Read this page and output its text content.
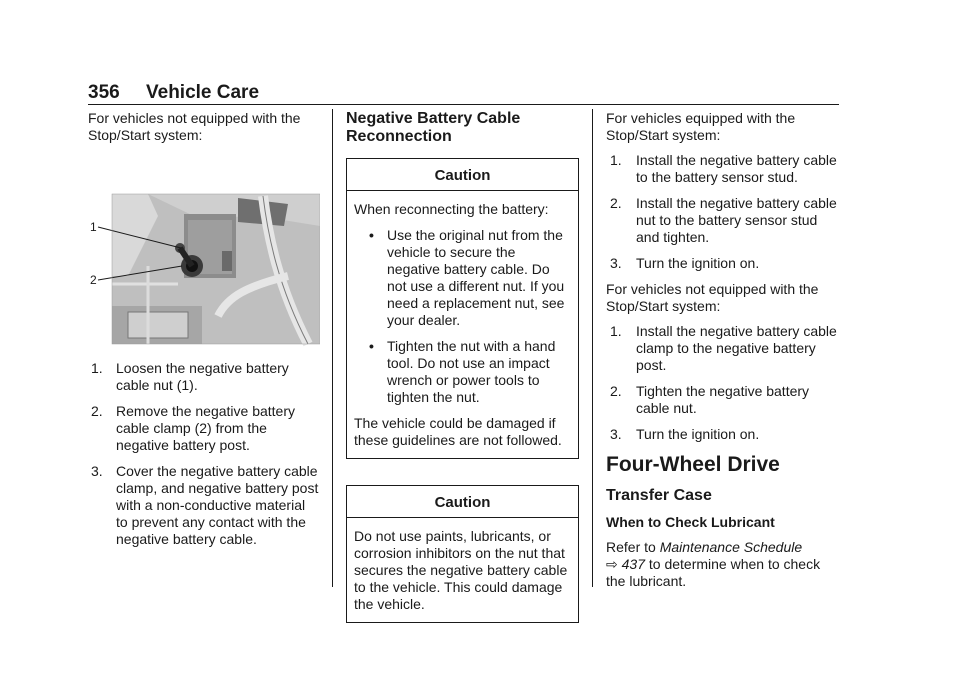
356 Vehicle Care

For vehicles not equipped with the Stop/Start system:

1
2
1. Loosen the negative battery cable nut (1).
2. Remove the negative battery cable clamp (2) from the negative battery post.
3. Cover the negative battery cable clamp, and negative battery post with a non-conductive material to prevent any contact with the negative battery cable.
Negative Battery Cable Reconnection
Caution

When reconnecting the battery:

• Use the original nut from the vehicle to secure the negative battery cable. Do not use a different nut. If you need a replacement nut, see your dealer.
• Tighten the nut with a hand tool. Do not use an impact wrench or power tools to tighten the nut.

The vehicle could be damaged if these guidelines are not followed.

Caution

Do not use paints, lubricants, or corrosion inhibitors on the nut that secures the negative battery cable to the vehicle. This could damage the vehicle.

For vehicles equipped with the Stop/Start system:

1. Install the negative battery cable to the battery sensor stud.
2. Install the negative battery cable nut to the battery sensor stud and tighten.
3. Turn the ignition on.

For vehicles not equipped with the Stop/Start system:

1. Install the negative battery cable clamp to the negative battery post.
2. Tighten the negative battery cable nut.
3. Turn the ignition on.
Four-Wheel Drive
Transfer Case
When to Check Lubricant

Refer to Maintenance Schedule
⇨ 437 to determine when to check the lubricant.
